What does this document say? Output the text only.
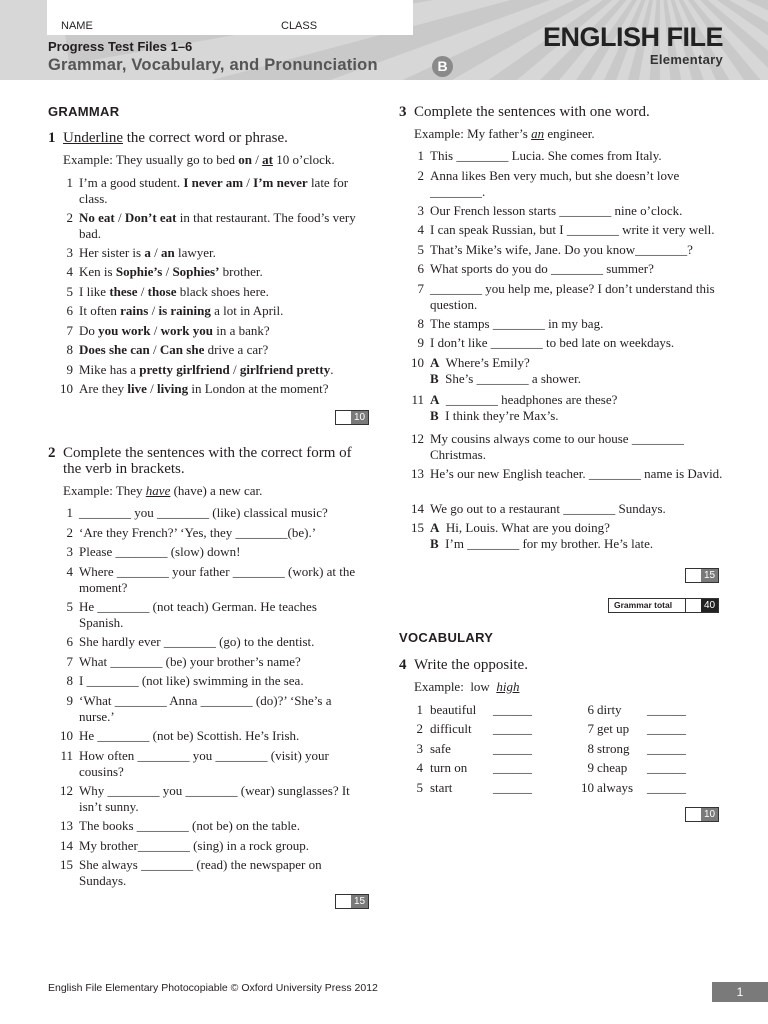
NAME	CLASS
Progress Test Files 1–6
Grammar, Vocabulary, and Pronunciation	B
ENGLISH FILE
Elementary
GRAMMAR
1 Underline the correct word or phrase.
Example: They usually go to bed on / at 10 o’clock.
1 I’m a good student. I never am / I’m never late for class.
2 No eat / Don’t eat in that restaurant. The food’s very bad.
3 Her sister is a / an lawyer.
4 Ken is Sophie’s / Sophies’ brother.
5 I like these / those black shoes here.
6 It often rains / is raining a lot in April.
7 Do you work / work you in a bank?
8 Does she can / Can she drive a car?
9 Mike has a pretty girlfriend / girlfriend pretty.
10 Are they live / living in London at the moment?
10
2 Complete the sentences with the correct form of the verb in brackets.
Example: They have (have) a new car.
1 ________ you ________ (like) classical music?
2 ‘Are they French?’ ‘Yes, they ________(be).’
3 Please ________ (slow) down!
4 Where ________ your father ________ (work) at the moment?
5 He ________ (not teach) German. He teaches Spanish.
6 She hardly ever ________ (go) to the dentist.
7 What ________ (be) your brother’s name?
8 I ________ (not like) swimming in the sea.
9 ‘What ________ Anna ________ (do)?’ ‘She’s a nurse.’
10 He ________ (not be) Scottish. He’s Irish.
11 How often ________ you ________ (visit) your cousins?
12 Why ________ you ________ (wear) sunglasses? It isn’t sunny.
13 The books ________ (not be) on the table.
14 My brother________ (sing) in a rock group.
15 She always ________ (read) the newspaper on Sundays.
15
3 Complete the sentences with one word.
Example: My father’s an engineer.
1 This ________ Lucia. She comes from Italy.
2 Anna likes Ben very much, but she doesn’t love ________.
3 Our French lesson starts ________ nine o’clock.
4 I can speak Russian, but I ________ write it very well.
5 That’s Mike’s wife, Jane. Do you know________?
6 What sports do you do ________ summer?
7 ________ you help me, please? I don’t understand this question.
8 The stamps ________ in my bag.
9 I don’t like ________ to bed late on weekdays.
10 A  Where’s Emily?
B  She’s ________ a shower.
11 A  ________ headphones are these?
B  I think they’re Max’s.
12 My cousins always come to our house ________ Christmas.
13 He’s our new English teacher. ________ name is David.
14 We go out to a restaurant ________ Sundays.
15 A  Hi, Louis. What are you doing?
B  I’m ________ for my brother. He’s late.
15
Grammar total	40
VOCABULARY
4 Write the opposite.
Example:  low  high
1 beautiful ______
2 difficult ______
3 safe	______
4 turn on ______
5 start	______
6 dirty ______
7 get up ______
8 strong ______
9 cheap ______
10 always ______
10
English File Elementary Photocopiable © Oxford University Press 2012	1
